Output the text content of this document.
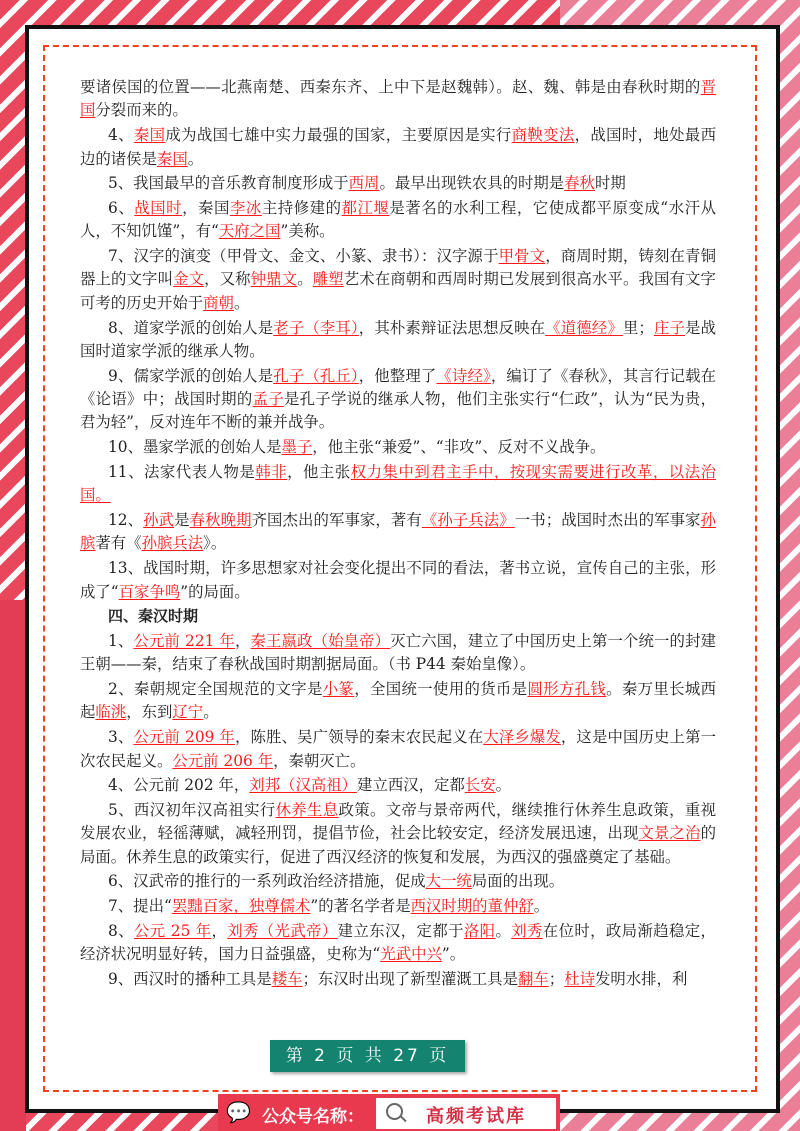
要诸侯国的位置——北燕南楚、西秦东齐、上中下是赵魏韩）。赵、魏、韩是由春秋时期的晋国分裂而来的。

4、秦国成为战国七雄中实力最强的国家，主要原因是实行商鞅变法，战国时，地处最西边的诸侯是秦国。

5、我国最早的音乐教育制度形成于西周。最早出现铁农具的时期是春秋时期

6、战国时，秦国李冰主持修建的都江堰是著名的水利工程，它使成都平原变成“水汗从人，不知饥馑”，有“天府之国”美称。

7、汉字的演变（甲骨文、金文、小篆、隶书）：汉字源于甲骨文，商周时期，铸刻在青铜器上的文字叫金文，又称钟鼎文。雕塑艺术在商朝和西周时期已发展到很高水平。我国有文字可考的历史开始于商朝。

8、道家学派的创始人是老子（李耳），其朴素辩证法思想反映在《道德经》里；庄子是战国时道家学派的继承人物。

9、儒家学派的创始人是孔子（孔丘），他整理了《诗经》，编订了《春秋》，其言行记载在《论语》中；战国时期的孟子是孔子学说的继承人物，他们主张实行“仁政”，认为“民为贵，君为轻”，反对连年不断的兼并战争。

10、墨家学派的创始人是墨子，他主张“兼爱”、“非攻”、反对不义战争。

11、法家代表人物是韩非，他主张权力集中到君主手中，按现实需要进行改革，以法治国。

12、孙武是春秋晚期齐国杰出的军事家，著有《孙子兵法》一书；战国时杰出的军事家孙膑著有《孙膑兵法》。

13、战国时期，许多思想家对社会变化提出不同的看法，著书立说，宣传自己的主张，形成了“百家争鸣”的局面。

四、秦汉时期

1、公元前 221 年，秦王嬴政（始皇帝）灭亡六国，建立了中国历史上第一个统一的封建王朝——秦，结束了春秋战国时期割据局面。（书 P44 秦始皇像）。

2、秦朝规定全国规范的文字是小篆，全国统一使用的货币是圆形方孔钱。秦万里长城西起临洮，东到辽宁。

3、公元前 209 年，陈胜、吴广领导的秦末农民起义在大泽乡爆发，这是中国历史上第一次农民起义。公元前 206 年，秦朝灭亡。

4、公元前 202 年，刘邦（汉高祖）建立西汉，定都长安。

5、西汉初年汉高祖实行休养生息政策。文帝与景帝两代，继续推行休养生息政策，重视发展农业，轻徭薄赋，减轻刑罚，提倡节俭，社会比较安定，经济发展迅速，出现文景之治的局面。休养生息的政策实行，促进了西汉经济的恢复和发展，为西汉的强盛奠定了基础。

6、汉武帝的推行的一系列政治经济措施，促成大一统局面的出现。

7、提出“罢黜百家，独尊儒术”的著名学者是西汉时期的董仲舒。

8、公元 25 年，刘秀（光武帝）建立东汉，定都于洛阳。刘秀在位时，政局渐趋稳定，经济状况明显好转，国力日益强盛，史称为“光武中兴”。

9、西汉时的播种工具是耧车；东汉时出现了新型灌溉工具是翻车；杜诗发明水排，利

第 2 页 共 27 页
💬 公众号名称：	高频考试库
